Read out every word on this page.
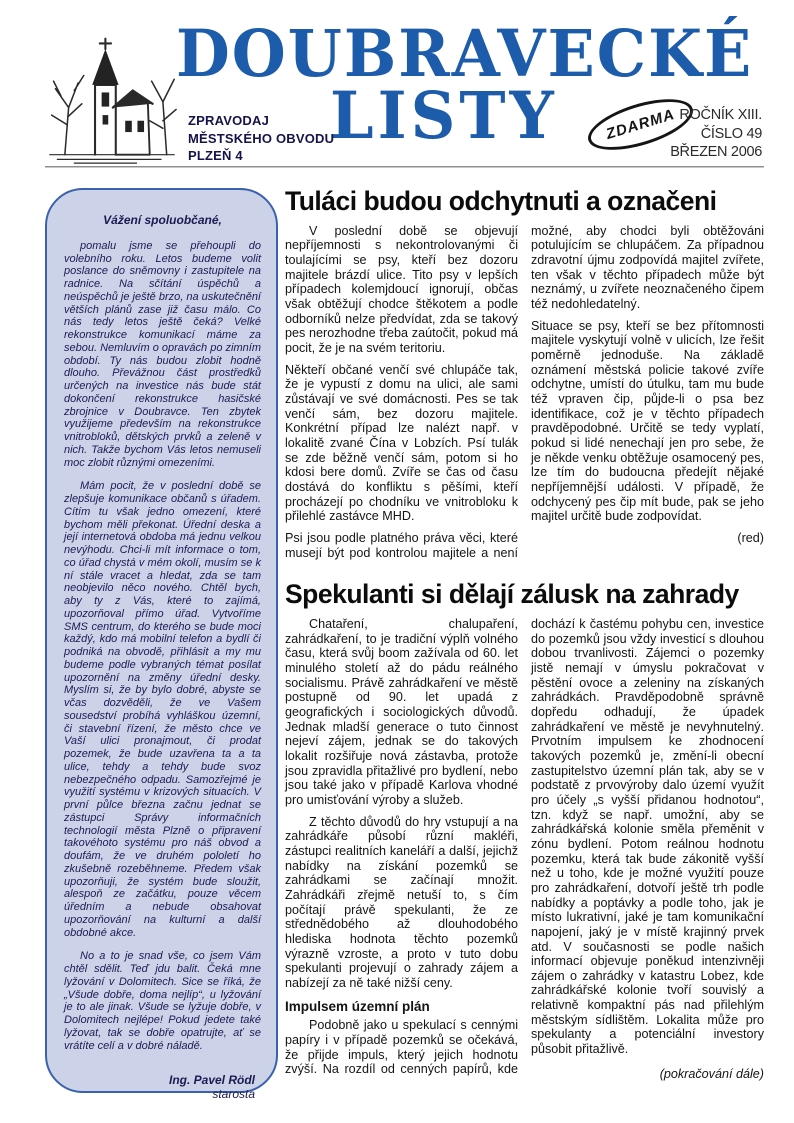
DOUBRAVECKÉ
LISTY
ZPRAVODAJ
MĚSTSKÉHO OBVODU
PLZEŇ 4
ZDARMA ROČNÍK XIII.
ČÍSLO 49
BŘEZEN 2006
Vážení spoluobčané,

pomalu jsme se přehoupli do volebního roku. Letos budeme volit poslance do sněmovny i zastupitele na radnice. Na sčítání úspěchů a neúspěchů je ještě brzo, na uskutečnění větších plánů zase již času málo. Co nás tedy letos ještě čeká? Velké rekonstrukce komunikací máme za sebou. Nemluvím o opravách po zimním období. Ty nás budou zlobit hodně dlouho. Převážnou část prostředků určených na investice nás bude stát dokončení rekonstrukce hasičské zbrojnice v Doubravce. Ten zbytek využijeme především na rekonstrukce vnitrobloků, dětských prvků a zeleně v nich. Takže bychom Vás letos nemuseli moc zlobit různými omezeními.

Mám pocit, že v poslední době se zlepšuje komunikace občanů s úřadem. Cítím tu však jedno omezení, které bychom měli překonat. Úřední deska a její internetová obdoba má jednu velkou nevýhodu. Chci-li mít informace o tom, co úřad chystá v mém okolí, musím se k ní stále vracet a hledat, zda se tam neobjevilo něco nového. Chtěl bych, aby ty z Vás, které to zajímá, upozorňoval přímo úřad. Vytvoříme SMS centrum, do kterého se bude moci každý, kdo má mobilní telefon a bydlí či podniká na obvodě, přihlásit a my mu budeme podle vybraných témat posílat upozornění na změny úřední desky. Myslím si, že by bylo dobré, abyste se včas dozvěděli, že ve Vašem sousedství probíhá vyhláškou územní, či stavební řízení, že město chce ve Vaší ulici pronajmout, či prodat pozemek, že bude uzavřena ta a ta ulice, tehdy a tehdy bude svoz nebezpečného odpadu. Samozřejmé je využití systému v krizových situacích. V první půlce března začnu jednat se zástupci Správy informačních technologií města Plzně o připravení takovéhoto systému pro náš obvod a doufám, že ve druhém pololetí ho zkušebně rozeběhneme. Předem však upozorňuji, že systém bude sloužit, alespoň ze začátku, pouze věcem úředním a nebude obsahovat upozorňování na kulturní a další obdobné akce.

No a to je snad vše, co jsem Vám chtěl sdělit. Teď jdu balit. Čeká mne lyžování v Dolomitech. Sice se říká, že „Všude dobře, doma nejlíp“, u lyžování je to ale jinak. Všude se lyžuje dobře, v Dolomitech nejlépe! Pokud jedete také lyžovat, tak se dobře opatrujte, ať se vrátíte celí a v dobré náladě.

Ing. Pavel Rödl
starosta
Tuláci budou odchytnuti a označeni

V poslední době se objevují nepříjemnosti s nekontrolovanými či toulajícími se psy, kteří bez dozoru majitele brázdí ulice. Tito psy v lepších případech kolemjdoucí ignorují, občas však obtěžují chodce štěkotem a podle odborníků nelze předvídat, zda se takový pes nerozhodne třeba zaútočit, pokud má pocit, že je na svém teritoriu.

Někteří občané venčí své chlupáče tak, že je vypustí z domu na ulici, ale sami zůstávají ve své domácnosti. Pes se tak venčí sám, bez dozoru majitele. Konkrétní případ lze nalézt např. v lokalitě zvané Čína v Lobzích. Psí tulák se zde běžně venčí sám, potom si ho kdosi bere domů. Zvíře se čas od času dostává do konfliktu s pěšími, kteří procházejí po chodníku ve vnitrobloku k přilehlé zastávce MHD.

Psi jsou podle platného práva věci, které musejí být pod kontrolou majitele a není možné, aby chodci byli obtěžováni potulujícím se chlupáčem. Za případnou zdravotní újmu zodpovídá majitel zvířete, ten však v těchto případech může být neznámý, u zvířete neoznačeného čipem též nedohledatelný.

Situace se psy, kteří se bez přítomnosti majitele vyskytují volně v ulicích, lze řešit poměrně jednoduše. Na základě oznámení městská policie takové zvíře odchytne, umístí do útulku, tam mu bude též vpraven čip, půjde-li o psa bez identifikace, což je v těchto případech pravděpodobné. Určitě se tedy vyplatí, pokud si lidé nenechají jen pro sebe, že je někde venku obtěžuje osamocený pes, lze tím do budoucna předejít nějaké nepříjemnější události. V případě, že odchycený pes čip mít bude, pak se jeho majitel určitě bude zodpovídat.

(red)

Spekulanti si dělají zálusk na zahrady

Chataření, chalupaření, zahrádkaření, to je tradiční výplň volného času, která svůj boom zažívala od 60. let minulého století až do pádu reálného socialismu. Právě zahrádkaření ve městě postupně od 90. let upadá z geografických i sociologických důvodů. Jednak mladší generace o tuto činnost nejeví zájem, jednak se do takových lokalit rozšiřuje nová zástavba, protože jsou zpravidla přitažlivé pro bydlení, nebo jsou také jako v případě Karlova vhodné pro umisťování výroby a služeb.

Z těchto důvodů do hry vstupují a na zahrádkáře působí různí makléři, zástupci realitních kaneláří a další, jejichž nabídky na získání pozemků se zahrádkami se začínají množit. Zahrádkáři zřejmě netuší to, s čím počítají právě spekulanti, že ze střednědobého až dlouhodobého hlediska hodnota těchto pozemků výrazně vzroste, a proto v tuto dobu spekulanti projevují o zahrady zájem a nabízejí za ně také nižší ceny.

Impulsem územní plán

Podobně jako u spekulací s cennými papíry i v případě pozemků se očekává, že přijde impuls, který jejich hodnotu zvýší. Na rozdíl od cenných papírů, kde dochází k častému pohybu cen, investice do pozemků jsou vždy investicí s dlouhou dobou trvanlivosti. Zájemci o pozemky jistě nemají v úmyslu pokračovat v pěstění ovoce a zeleniny na získaných zahrádkách. Pravděpodobně správně dopředu odhadují, že úpadek zahrádkaření ve městě je nevyhnutelný. Prvotním impulsem ke zhodnocení takových pozemků je, změní-li obecní zastupitelstvo územní plán tak, aby se v podstatě z prvovýroby dalo území využít pro účely „s vyšší přidanou hodnotou“, tzn. když se např. umožní, aby se zahrádkářská kolonie směla přeměnit v zónu bydlení. Potom reálnou hodnotu pozemku, která tak bude zákonitě vyšší než u toho, kde je možné využití pouze pro zahrádkaření, dotvoří ještě trh podle nabídky a poptávky a podle toho, jak je místo lukrativní, jaké je tam komunikační napojení, jaký je v místě krajinný prvek atd. V současnosti se podle našich informací objevuje poněkud intenzivněji zájem o zahrádky v katastru Lobez, kde zahrádkářské kolonie tvoří souvislý a relativně kompaktní pás nad přilehlým městským sídlištěm. Lokalita může pro spekulanty a potenciální investory působit přitažlivě.

(pokračování dále)
